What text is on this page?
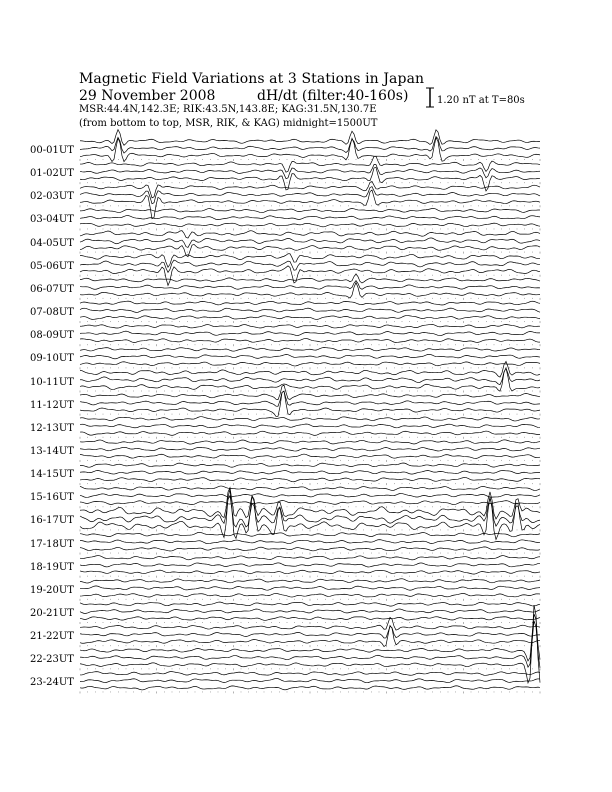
Magnetic Field Variations at 3 Stations in Japan
29 November 2008	dH/dt (filter:40-160s)
MSR:44.4N,142.3E; RIK:43.5N,143.8E; KAG:31.5N,130.7E
(from bottom to top, MSR, RIK, & KAG) midnight=1500UT
1.20 nT at T=80s
00-01UT
01-02UT
02-03UT
03-04UT
04-05UT
05-06UT
06-07UT
07-08UT
08-09UT
09-10UT
10-11UT
11-12UT
12-13UT
13-14UT
14-15UT
15-16UT
16-17UT
17-18UT
18-19UT
19-20UT
20-21UT
21-22UT
22-23UT
23-24UT
